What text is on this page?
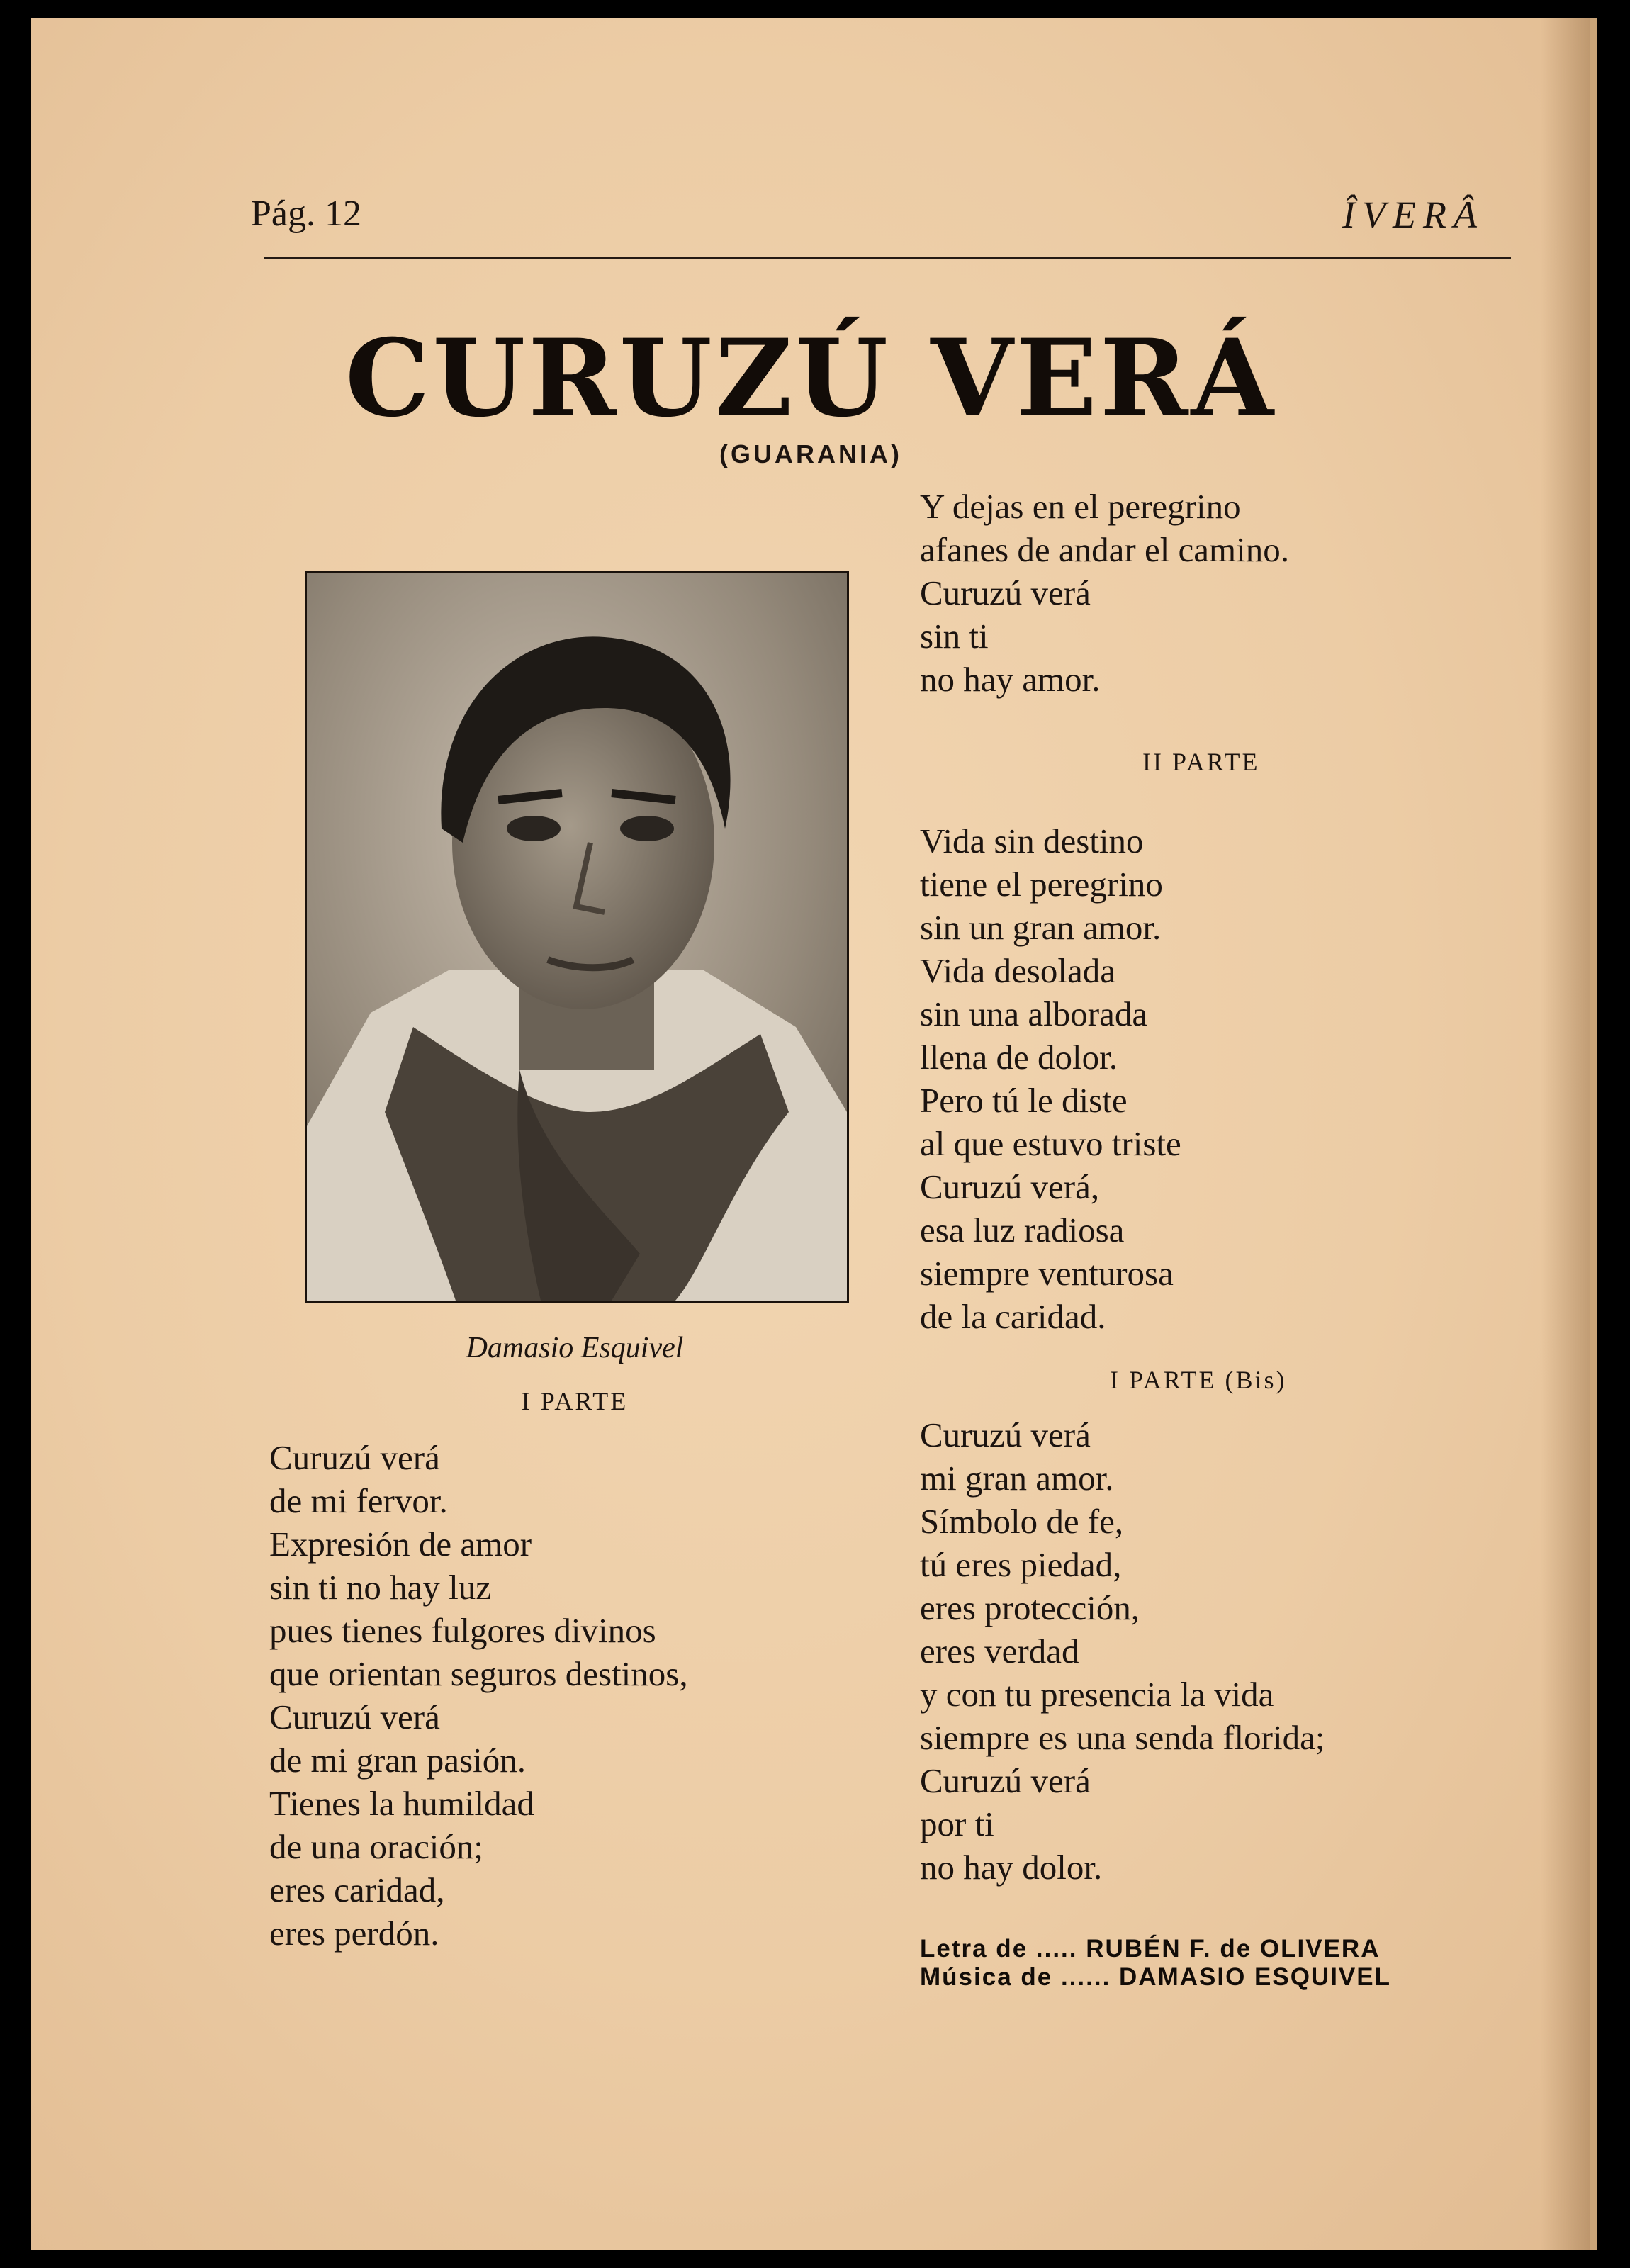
Pág. 12	ÎVERÂ
CURUZÚ VERÁ
(GUARANIA)
Damasio Esquivel
I PARTE
Curuzú verá
de mi fervor.
Expresión de amor
sin ti no hay luz
pues tienes fulgores divinos
que orientan seguros destinos,
Curuzú verá
de mi gran pasión.
Tienes la humildad
de una oración;
eres caridad,
eres perdón.
Y dejas en el peregrino
afanes de andar el camino.
Curuzú verá
sin ti
no hay amor.
II PARTE
Vida sin destino
tiene el peregrino
sin un gran amor.
Vida desolada
sin una alborada
llena de dolor.
Pero tú le diste
al que estuvo triste
Curuzú verá,
esa luz radiosa
siempre venturosa
de la caridad.
I PARTE (Bis)
Curuzú verá
mi gran amor.
Símbolo de fe,
tú eres piedad,
eres protección,
eres verdad
y con tu presencia la vida
siempre es una senda florida;
Curuzú verá
por ti
no hay dolor.
Letra de ..... RUBÉN F. de OLIVERA
Música de ...... DAMASIO ESQUIVEL
